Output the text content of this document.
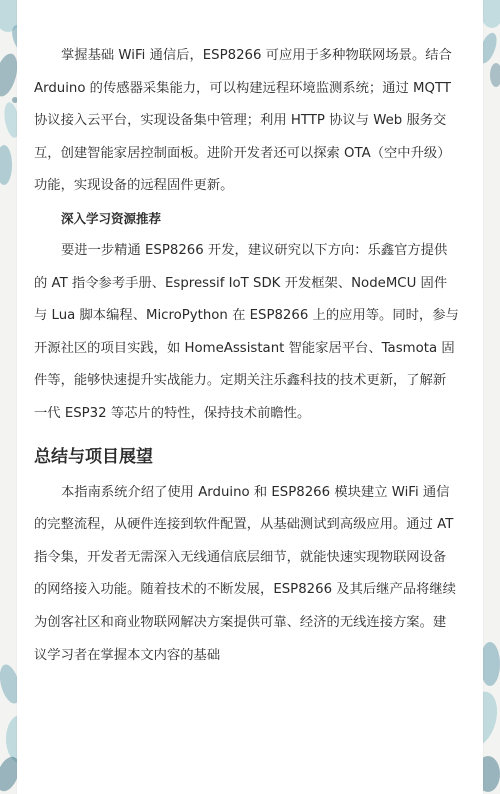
掌握基础 WiFi 通信后，ESP8266 可应用于多种物联网场景。结合 Arduino 的传感器采集能力，可以构建远程环境监测系统；通过 MQTT 协议接入云平台，实现设备集中管理；利用 HTTP 协议与 Web 服务交互，创建智能家居控制面板。进阶开发者还可以探索 OTA（空中升级）功能，实现设备的远程固件更新。

深入学习资源推荐

要进一步精通 ESP8266 开发，建议研究以下方向：乐鑫官方提供的 AT 指令参考手册、Espressif IoT SDK 开发框架、NodeMCU 固件与 Lua 脚本编程、MicroPython 在 ESP8266 上的应用等。同时，参与开源社区的项目实践，如 HomeAssistant 智能家居平台、Tasmota 固件等，能够快速提升实战能力。定期关注乐鑫科技的技术更新，了解新一代 ESP32 等芯片的特性，保持技术前瞻性。

总结与项目展望

本指南系统介绍了使用 Arduino 和 ESP8266 模块建立 WiFi 通信的完整流程，从硬件连接到软件配置，从基础测试到高级应用。通过 AT 指令集，开发者无需深入无线通信底层细节，就能快速实现物联网设备的网络接入功能。随着技术的不断发展，ESP8266 及其后继产品将继续为创客社区和商业物联网解决方案提供可靠、经济的无线连接方案。建议学习者在掌握本文内容的基础
